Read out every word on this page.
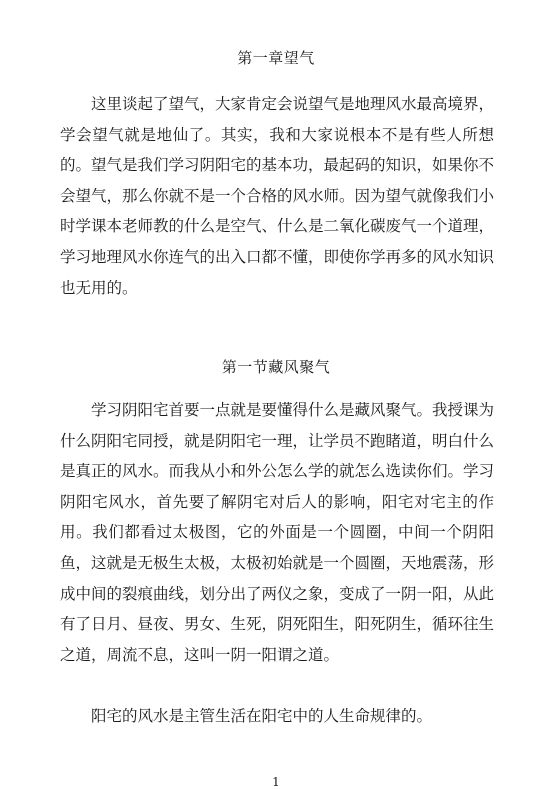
第一章望气

这里谈起了望气，大家肯定会说望气是地理风水最高境界，学会望气就是地仙了。其实，我和大家说根本不是有些人所想的。望气是我们学习阴阳宅的基本功，最起码的知识，如果你不会望气，那么你就不是一个合格的风水师。因为望气就像我们小时学课本老师教的什么是空气、什么是二氧化碳废气一个道理，学习地理风水你连气的出入口都不懂，即使你学再多的风水知识也无用的。

第一节藏风聚气

学习阴阳宅首要一点就是要懂得什么是藏风聚气。我授课为什么阴阳宅同授，就是阴阳宅一理，让学员不跑睹道，明白什么是真正的风水。而我从小和外公怎么学的就怎么选读你们。学习阴阳宅风水，首先要了解阴宅对后人的影响，阳宅对宅主的作用。我们都看过太极图，它的外面是一个圆圈，中间一个阴阳鱼，这就是无极生太极，太极初始就是一个圆圈，天地震荡，形成中间的裂痕曲线，划分出了两仪之象，变成了一阴一阳，从此有了日月、昼夜、男女、生死，阴死阳生，阳死阴生，循环往生之道，周流不息，这叫一阴一阳谓之道。

阳宅的风水是主管生活在阳宅中的人生命规律的。

1
